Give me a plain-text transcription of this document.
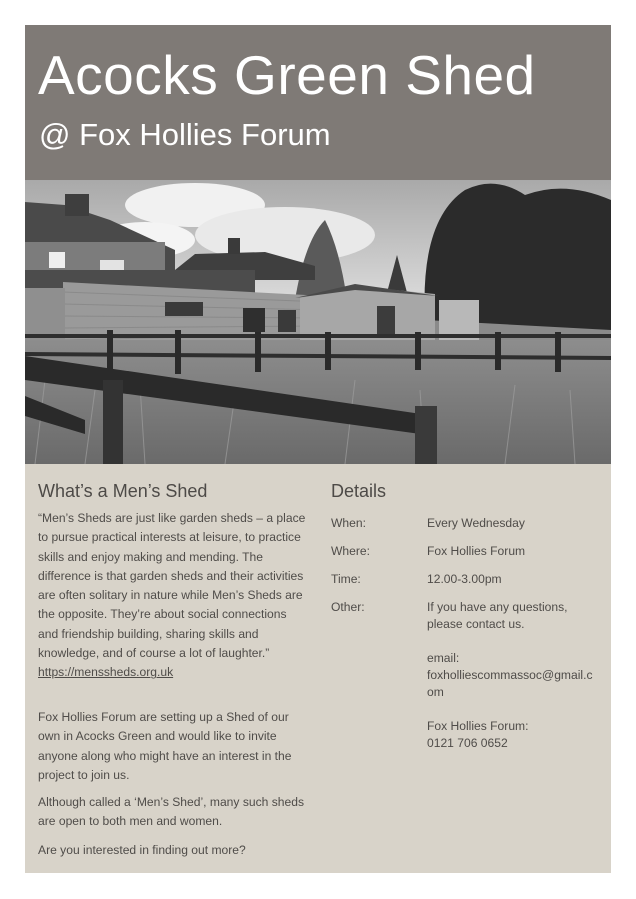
Acocks Green Shed
@ Fox Hollies Forum
What’s a Men’s Shed
“Men’s Sheds are just like garden sheds – a place to pursue practical interests at leisure, to practice skills and enjoy making and mending. The difference is that garden sheds and their activities are often solitary in nature while Men’s Sheds are the opposite. They’re about social connections and friendship building, sharing skills and knowledge, and of course a lot of laughter.”
https://menssheds.org.uk
Fox Hollies Forum are setting up a Shed of our own in Acocks Green and would like to invite anyone along who might have an interest in the project to join us.
Although called a ‘Men’s Shed’, many such sheds are open to both men and women.
Are you interested in finding out more?
Details
When:	Every Wednesday
Where:	Fox Hollies Forum
Time:	12.00-3.00pm
Other:	If you have any questions, please contact us.
email:
foxholliescommassoc@gmail.com
Fox Hollies Forum:
0121 706 0652
